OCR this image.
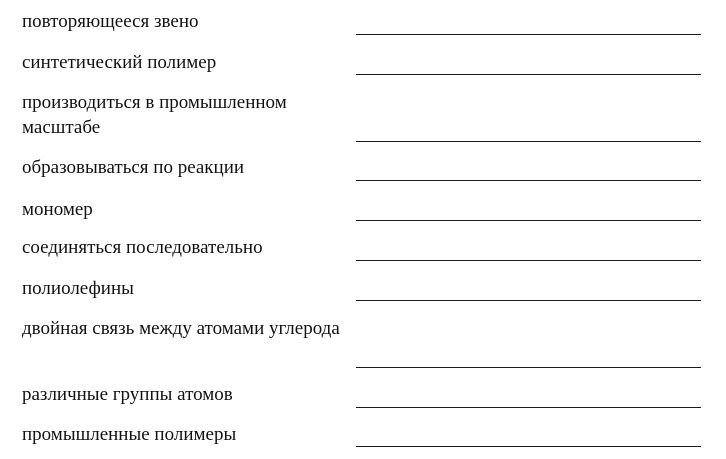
повторяющееся звено
синтетический полимер
производиться в промышленном масштабе
образовываться по реакции
мономер
соединяться последовательно
полиолефины
двойная связь между атомами углерода
различные группы атомов
промышленные полимеры
